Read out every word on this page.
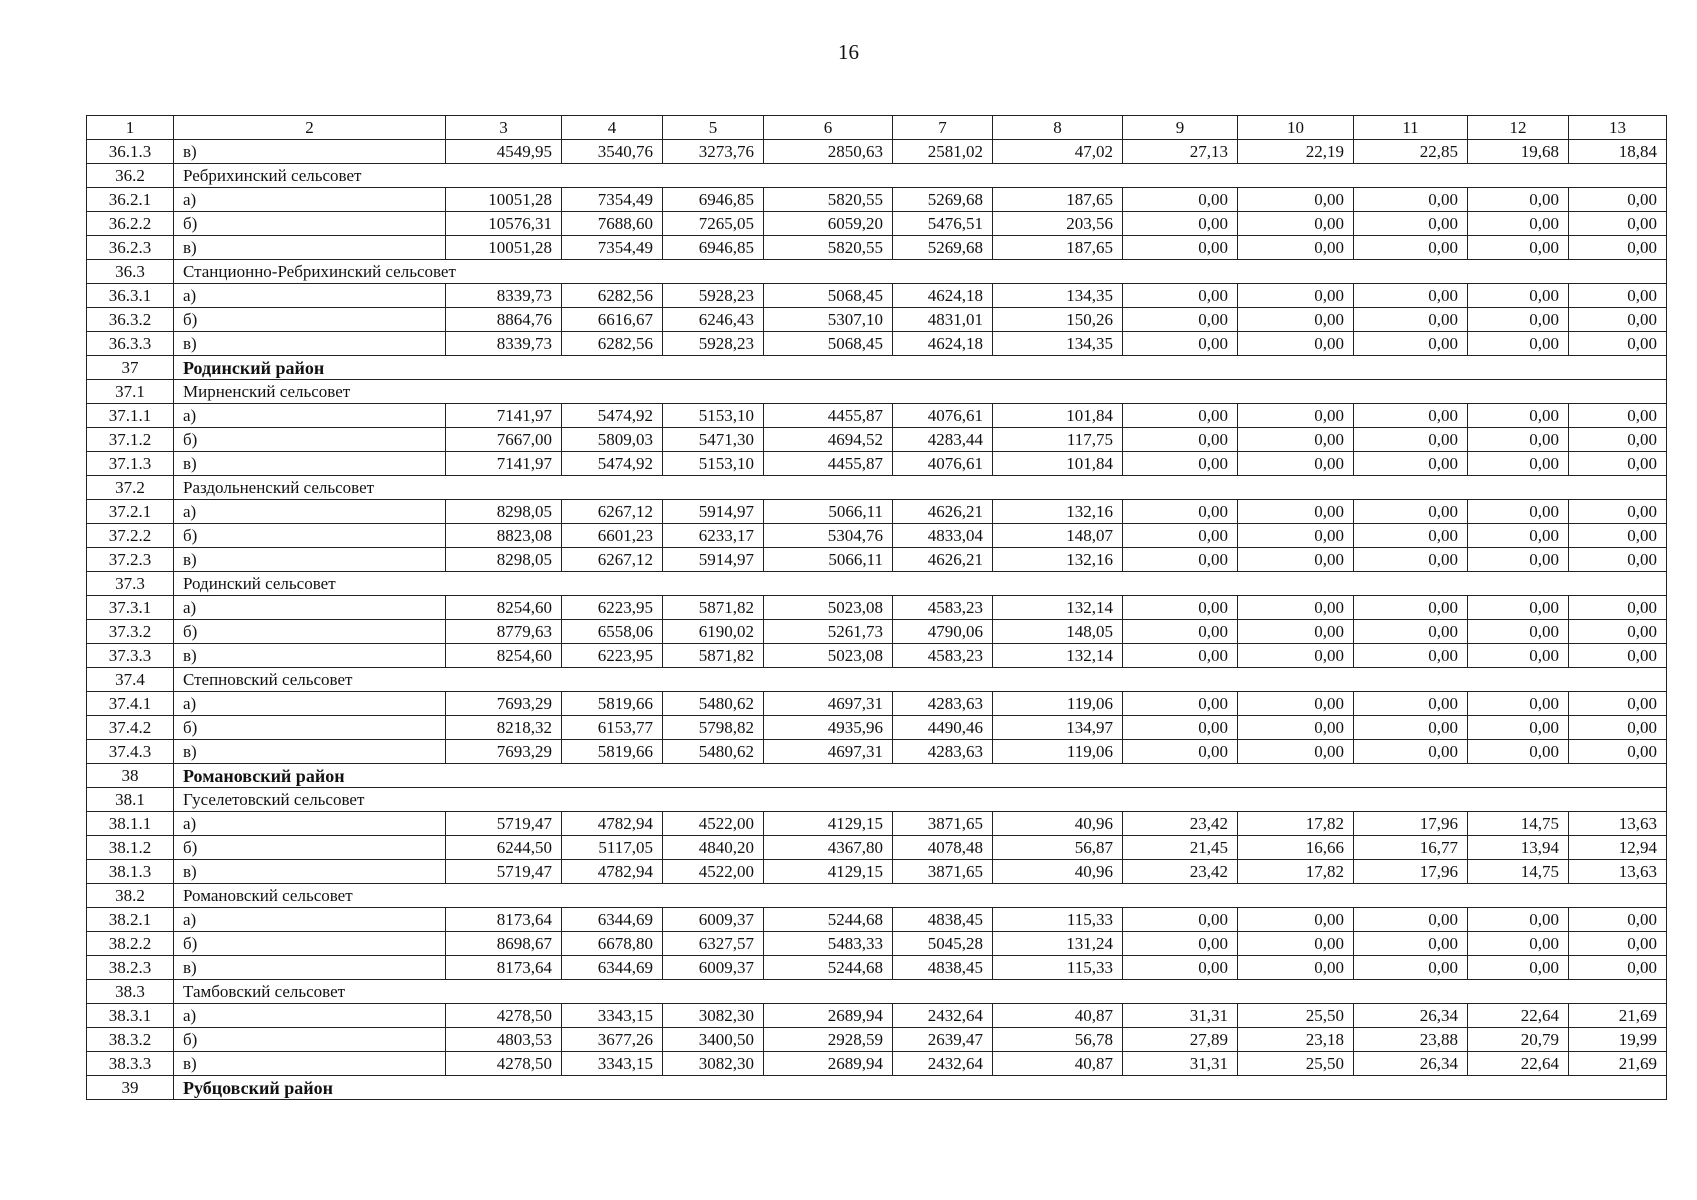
16
1	2	3	4	5	6	7	8	9	10	11	12	13
36.1.3	в)	4549,95	3540,76	3273,76	2850,63	2581,02	47,02	27,13	22,19	22,85	19,68	18,84
36.2	Ребрихинский сельсовет											
36.2.1	а)	10051,28	7354,49	6946,85	5820,55	5269,68	187,65	0,00	0,00	0,00	0,00	0,00
36.2.2	б)	10576,31	7688,60	7265,05	6059,20	5476,51	203,56	0,00	0,00	0,00	0,00	0,00
36.2.3	в)	10051,28	7354,49	6946,85	5820,55	5269,68	187,65	0,00	0,00	0,00	0,00	0,00
36.3	Станционно-Ребрихинский сельсовет											
36.3.1	а)	8339,73	6282,56	5928,23	5068,45	4624,18	134,35	0,00	0,00	0,00	0,00	0,00
36.3.2	б)	8864,76	6616,67	6246,43	5307,10	4831,01	150,26	0,00	0,00	0,00	0,00	0,00
36.3.3	в)	8339,73	6282,56	5928,23	5068,45	4624,18	134,35	0,00	0,00	0,00	0,00	0,00
37	Родинский район											
37.1	Мирненский сельсовет											
37.1.1	а)	7141,97	5474,92	5153,10	4455,87	4076,61	101,84	0,00	0,00	0,00	0,00	0,00
37.1.2	б)	7667,00	5809,03	5471,30	4694,52	4283,44	117,75	0,00	0,00	0,00	0,00	0,00
37.1.3	в)	7141,97	5474,92	5153,10	4455,87	4076,61	101,84	0,00	0,00	0,00	0,00	0,00
37.2	Раздольненский сельсовет											
37.2.1	а)	8298,05	6267,12	5914,97	5066,11	4626,21	132,16	0,00	0,00	0,00	0,00	0,00
37.2.2	б)	8823,08	6601,23	6233,17	5304,76	4833,04	148,07	0,00	0,00	0,00	0,00	0,00
37.2.3	в)	8298,05	6267,12	5914,97	5066,11	4626,21	132,16	0,00	0,00	0,00	0,00	0,00
37.3	Родинский сельсовет											
37.3.1	а)	8254,60	6223,95	5871,82	5023,08	4583,23	132,14	0,00	0,00	0,00	0,00	0,00
37.3.2	б)	8779,63	6558,06	6190,02	5261,73	4790,06	148,05	0,00	0,00	0,00	0,00	0,00
37.3.3	в)	8254,60	6223,95	5871,82	5023,08	4583,23	132,14	0,00	0,00	0,00	0,00	0,00
37.4	Степновский сельсовет											
37.4.1	а)	7693,29	5819,66	5480,62	4697,31	4283,63	119,06	0,00	0,00	0,00	0,00	0,00
37.4.2	б)	8218,32	6153,77	5798,82	4935,96	4490,46	134,97	0,00	0,00	0,00	0,00	0,00
37.4.3	в)	7693,29	5819,66	5480,62	4697,31	4283,63	119,06	0,00	0,00	0,00	0,00	0,00
38	Романовский район											
38.1	Гуселетовский сельсовет											
38.1.1	а)	5719,47	4782,94	4522,00	4129,15	3871,65	40,96	23,42	17,82	17,96	14,75	13,63
38.1.2	б)	6244,50	5117,05	4840,20	4367,80	4078,48	56,87	21,45	16,66	16,77	13,94	12,94
38.1.3	в)	5719,47	4782,94	4522,00	4129,15	3871,65	40,96	23,42	17,82	17,96	14,75	13,63
38.2	Романовский сельсовет											
38.2.1	а)	8173,64	6344,69	6009,37	5244,68	4838,45	115,33	0,00	0,00	0,00	0,00	0,00
38.2.2	б)	8698,67	6678,80	6327,57	5483,33	5045,28	131,24	0,00	0,00	0,00	0,00	0,00
38.2.3	в)	8173,64	6344,69	6009,37	5244,68	4838,45	115,33	0,00	0,00	0,00	0,00	0,00
38.3	Тамбовский сельсовет											
38.3.1	а)	4278,50	3343,15	3082,30	2689,94	2432,64	40,87	31,31	25,50	26,34	22,64	21,69
38.3.2	б)	4803,53	3677,26	3400,50	2928,59	2639,47	56,78	27,89	23,18	23,88	20,79	19,99
38.3.3	в)	4278,50	3343,15	3082,30	2689,94	2432,64	40,87	31,31	25,50	26,34	22,64	21,69
39	Рубцовский район											
